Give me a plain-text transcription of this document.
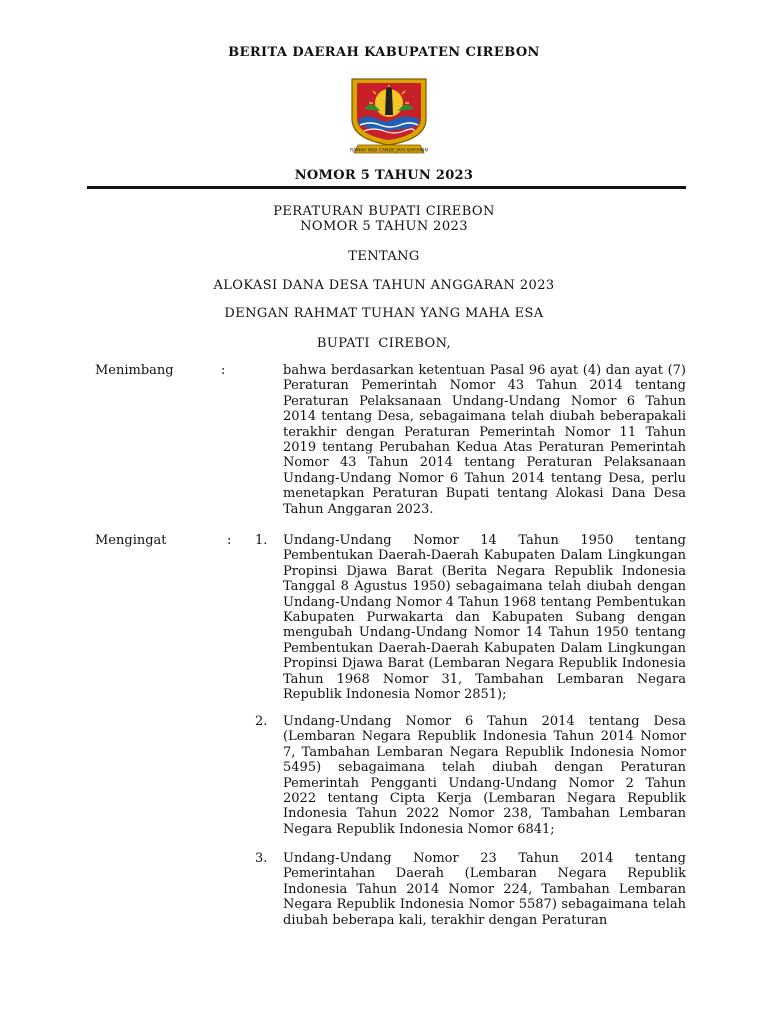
BERITA DAERAH KABUPATEN CIREBON
RAMAH INGI CANDE JAYA BAHANIN
NOMOR 5 TAHUN 2023
PERATURAN BUPATI CIREBON
NOMOR 5 TAHUN 2023
TENTANG
ALOKASI DANA DESA TAHUN ANGGARAN 2023
DENGAN RAHMAT TUHAN YANG MAHA ESA
BUPATI CIREBON,
Menimbang	:	bahwa berdasarkan ketentuan Pasal 96 ayat (4) dan ayat (7) Peraturan Pemerintah Nomor 43 Tahun 2014 tentang Peraturan Pelaksanaan Undang-Undang Nomor 6 Tahun 2014 tentang Desa, sebagaimana telah diubah beberapakali terakhir dengan Peraturan Pemerintah Nomor 11 Tahun 2019 tentang Perubahan Kedua Atas Peraturan Pemerintah Nomor 43 Tahun 2014 tentang Peraturan Pelaksanaan Undang-Undang Nomor 6 Tahun 2014 tentang Desa, perlu menetapkan Peraturan Bupati tentang Alokasi Dana Desa Tahun Anggaran 2023.

Mengingat	: 1. Undang-Undang Nomor 14 Tahun 1950 tentang Pembentukan Daerah-Daerah Kabupaten Dalam Lingkungan Propinsi Djawa Barat (Berita Negara Republik Indonesia Tanggal 8 Agustus 1950) sebagaimana telah diubah dengan Undang-Undang Nomor 4 Tahun 1968 tentang Pembentukan Kabupaten Purwakarta dan Kabupaten Subang dengan mengubah Undang-Undang Nomor 14 Tahun 1950 tentang Pembentukan Daerah-Daerah Kabupaten Dalam Lingkungan Propinsi Djawa Barat (Lembaran Negara Republik Indonesia Tahun 1968 Nomor 31, Tambahan Lembaran Negara Republik Indonesia Nomor 2851);

2. Undang-Undang Nomor 6 Tahun 2014 tentang Desa (Lembaran Negara Republik Indonesia Tahun 2014 Nomor 7, Tambahan Lembaran Negara Republik Indonesia Nomor 5495) sebagaimana telah diubah dengan Peraturan Pemerintah Pengganti Undang-Undang Nomor 2 Tahun 2022 tentang Cipta Kerja (Lembaran Negara Republik Indonesia Tahun 2022 Nomor 238, Tambahan Lembaran Negara Republik Indonesia Nomor 6841;

3. Undang-Undang Nomor 23 Tahun 2014 tentang Pemerintahan Daerah (Lembaran Negara Republik Indonesia Tahun 2014 Nomor 224, Tambahan Lembaran Negara Republik Indonesia Nomor 5587) sebagaimana telah diubah beberapa kali, terakhir dengan Peraturan
